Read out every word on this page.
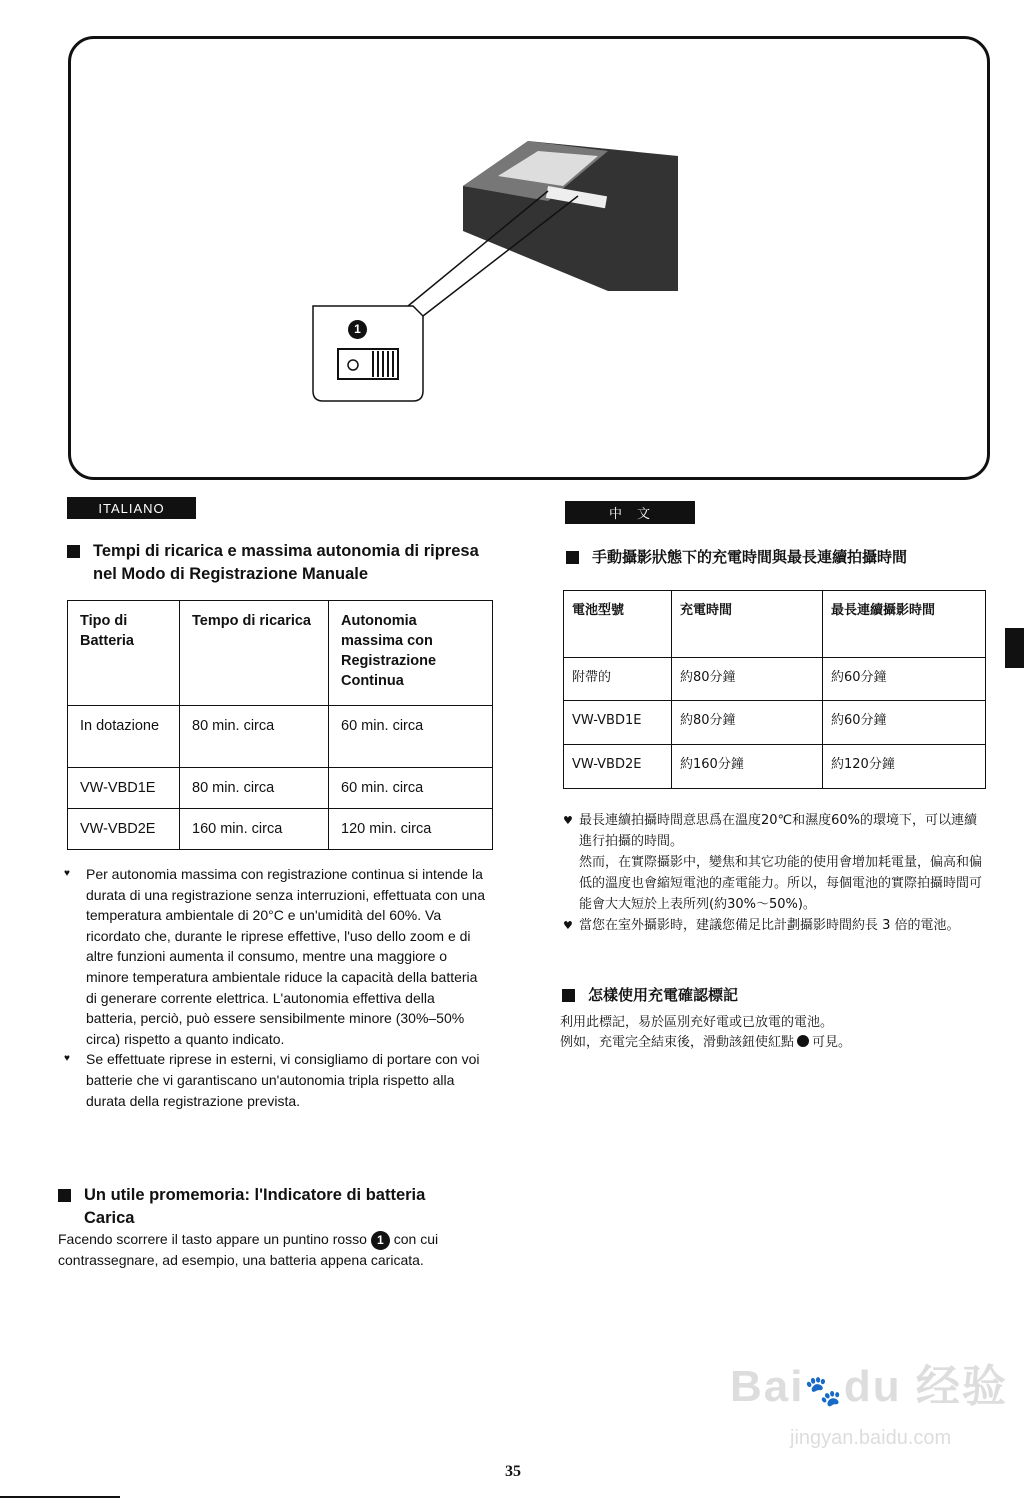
1
ITALIANO
Tempi di ricarica e massima autonomia di ripresa nel Modo di Registrazione Manuale
Tipo di Batteria	Tempo di ricarica	Autonomia massima con Registrazione Continua
In dotazione	80 min. circa	60 min. circa
VW-VBD1E	80 min. circa	60 min. circa
VW-VBD2E	160 min. circa	120 min. circa
♥ Per autonomia massima con registrazione continua si intende la durata di una registrazione senza interruzioni, effettuata con una temperatura ambientale di 20°C e un'umidità del 60%. Va ricordato che, durante le riprese effettive, l'uso dello zoom e di altre funzioni aumenta il consumo, mentre una maggiore o minore temperatura ambientale riduce la capacità della batteria di generare corrente elettrica. L'autonomia effettiva della batteria, perciò, può essere sensibilmente minore (30%–50% circa) rispetto a quanto indicato.
♥ Se effettuate riprese in esterni, vi consigliamo di portare con voi batterie che vi garantiscano un'autonomia tripla rispetto alla durata della registrazione prevista.
Un utile promemoria: l'Indicatore di batteria Carica

Facendo scorrere il tasto appare un puntino rosso 1 con cui contrassegnare, ad esempio, una batteria appena caricata.

中　文
手動攝影狀態下的充電時間與最長連續拍攝時間
電池型號	充電時間	最長連續攝影時間
附帶的	約80分鐘	約60分鐘
VW-VBD1E	約80分鐘	約60分鐘
VW-VBD2E	約160分鐘	約120分鐘
♥ 最長連續拍攝時間意思爲在溫度20℃和濕度60%的環境下，可以連續進行拍攝的時間。
然而，在實際攝影中，變焦和其它功能的使用會增加耗電量，偏高和偏低的溫度也會縮短電池的產電能力。所以，每個電池的實際拍攝時間可能會大大短於上表所列(約30%～50%)。
♥ 當您在室外攝影時，建議您備足比計劃攝影時間約長 3 倍的電池。
怎樣使用充電確認標記

利用此標記，易於區別充好電或已放電的電池。

例如，充電完全結束後，滑動該鈕使紅點 可見。

Bai🐾du 经验
jingyan.baidu.com
35
